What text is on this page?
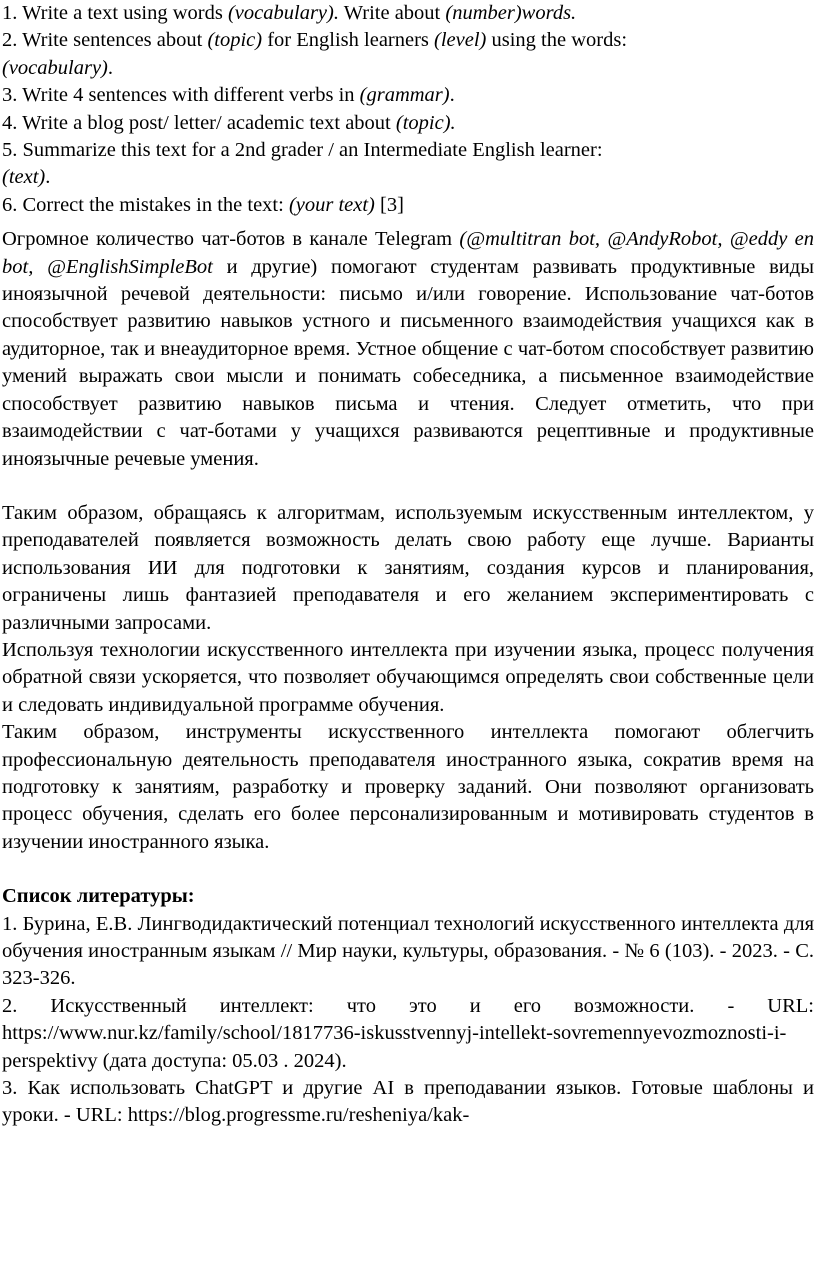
1. Write a text using words (vocabulary). Write about (number)words.
2. Write sentences about (topic) for English learners (level) using the words:
(vocabulary).
3. Write 4 sentences with different verbs in (grammar).
4. Write a blog post/ letter/ academic text about (topic).
5. Summarize this text for a 2nd grader / an Intermediate English learner:
(text).
6. Correct the mistakes in the text: (your text) [3]

Огромное количество чат-ботов в канале Telegram (@multitran bot, @AndyRobot, @eddy en bot, @EnglishSimpleBot и другие) помогают студентам развивать продуктивные виды иноязычной речевой деятельности: письмо и/или говорение. Использование чат-ботов способствует развитию навыков устного и письменного взаимодействия учащихся как в аудиторное, так и внеаудиторное время. Устное общение с чат-ботом способствует развитию умений выражать свои мысли и понимать собеседника, а письменное взаимодействие способствует развитию навыков письма и чтения. Следует отметить, что при взаимодействии с чат-ботами у учащихся развиваются рецептивные и продуктивные иноязычные речевые умения.

Таким образом, обращаясь к алгоритмам, используемым искусственным интеллектом, у преподавателей появляется возможность делать свою работу еще лучше. Варианты использования ИИ для подготовки к занятиям, создания курсов и планирования, ограничены лишь фантазией преподавателя и его желанием экспериментировать с различными запросами.

Используя технологии искусственного интеллекта при изучении языка, процесс получения обратной связи ускоряется, что позволяет обучающимся определять свои собственные цели и следовать индивидуальной программе обучения.

Таким образом, инструменты искусственного интеллекта помогают облегчить профессиональную деятельность преподавателя иностранного языка, сократив время на подготовку к занятиям, разработку и проверку заданий. Они позволяют организовать процесс обучения, сделать его более персонализированным и мотивировать студентов в изучении иностранного языка.

Список литературы:

1. Бурина, Е.В. Лингводидактический потенциал технологий искусственного интеллекта для обучения иностранным языкам // Мир науки, культуры, образования. - № 6 (103). - 2023. - С. 323-326.

2. Искусственный интеллект: что это и его возможности. - URL: https://www.nur.kz/family/school/1817736-iskusstvennyj-intellekt-sovremennyevozmoznosti-i-perspektivy (дата доступа: 05.03 . 2024).

3. Как использовать ChatGPT и другие AI в преподавании языков. Готовые шаблоны и уроки. - URL: https://blog.progressme.ru/resheniya/kak-
